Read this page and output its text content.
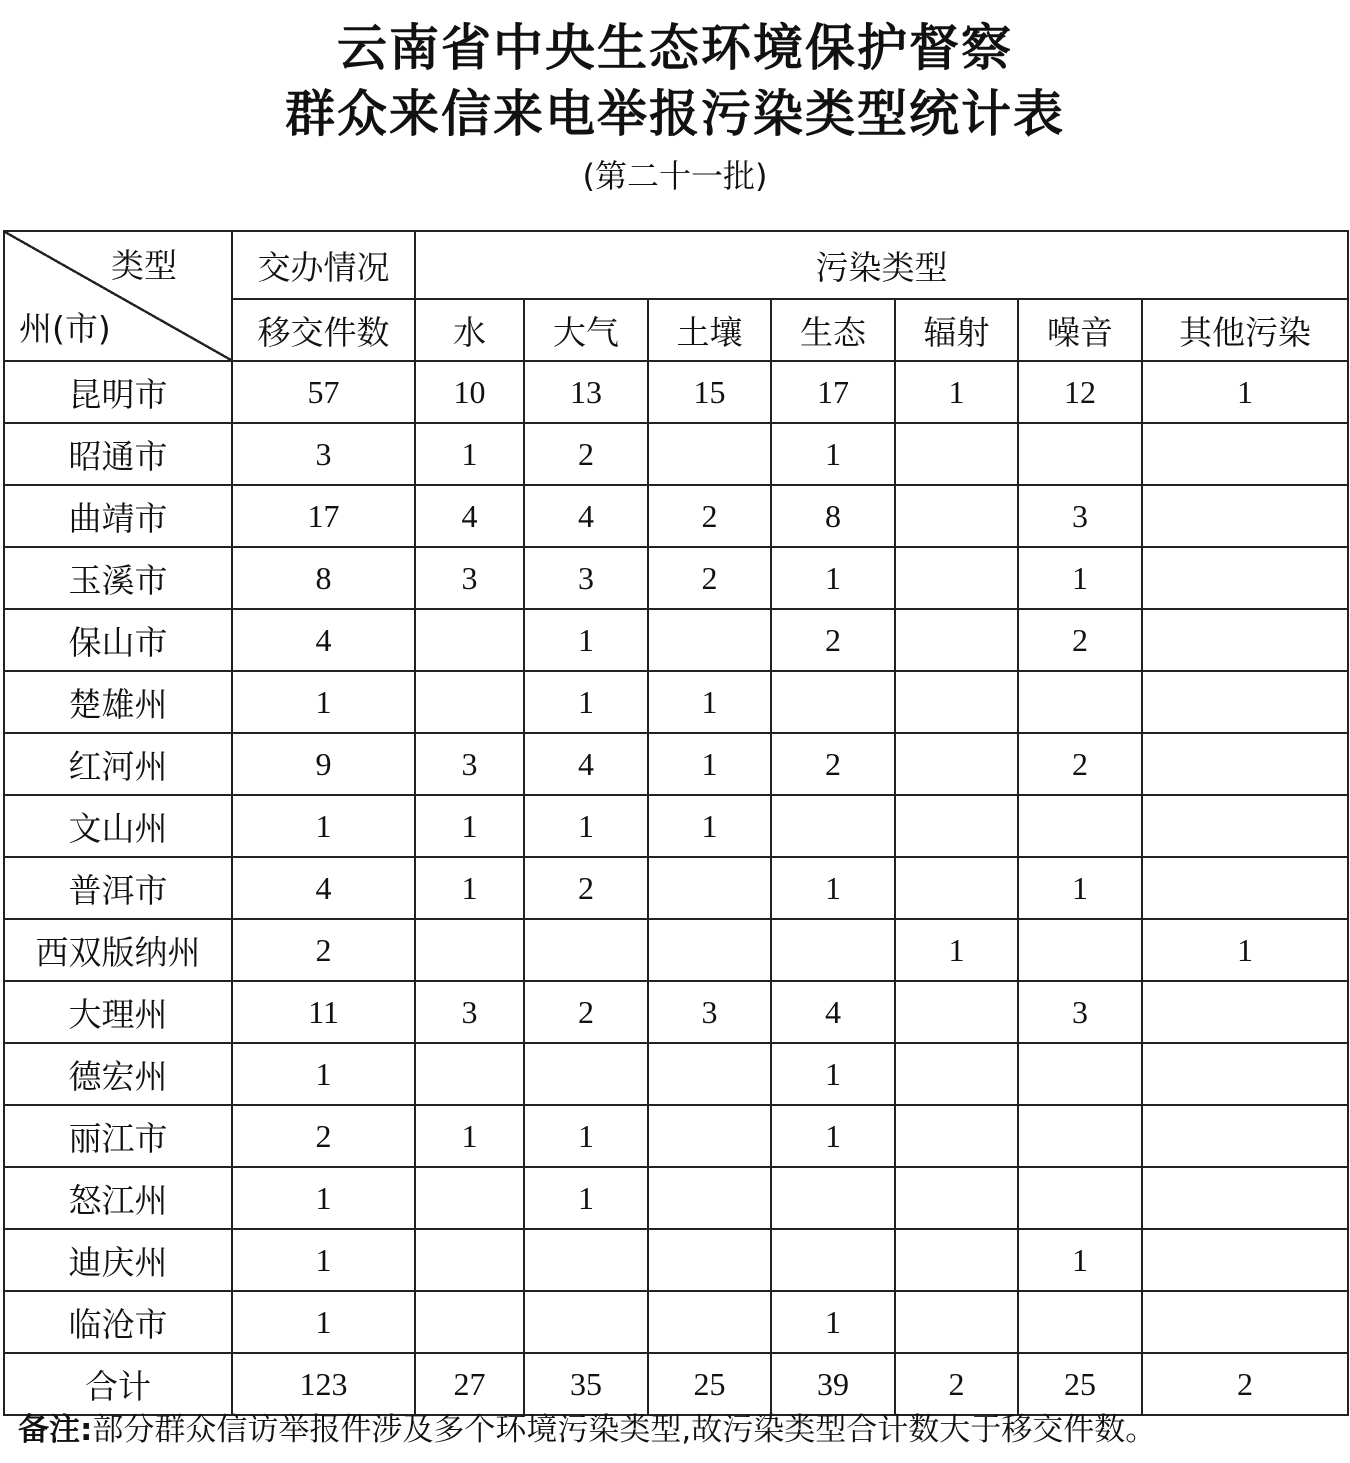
云南省中央生态环境保护督察
群众来信来电举报污染类型统计表
(第二十一批)
类型
州(市)	交办情况	污染类型						
	移交件数	水	大气	土壤	生态	辐射	噪音	其他污染
昆明市	57	10	13	15	17	1	12	1
昭通市	3	1	2		1			
曲靖市	17	4	4	2	8		3	
玉溪市	8	3	3	2	1		1	
保山市	4		1		2		2	
楚雄州	1		1	1				
红河州	9	3	4	1	2		2	
文山州	1	1	1	1				
普洱市	4	1	2		1		1	
西双版纳州	2					1		1
大理州	11	3	2	3	4		3	
德宏州	1				1			
丽江市	2	1	1		1			
怒江州	1		1					
迪庆州	1						1	
临沧市	1				1			
合计	123	27	35	25	39	2	25	2
备注:部分群众信访举报件涉及多个环境污染类型,故污染类型合计数大于移交件数。
